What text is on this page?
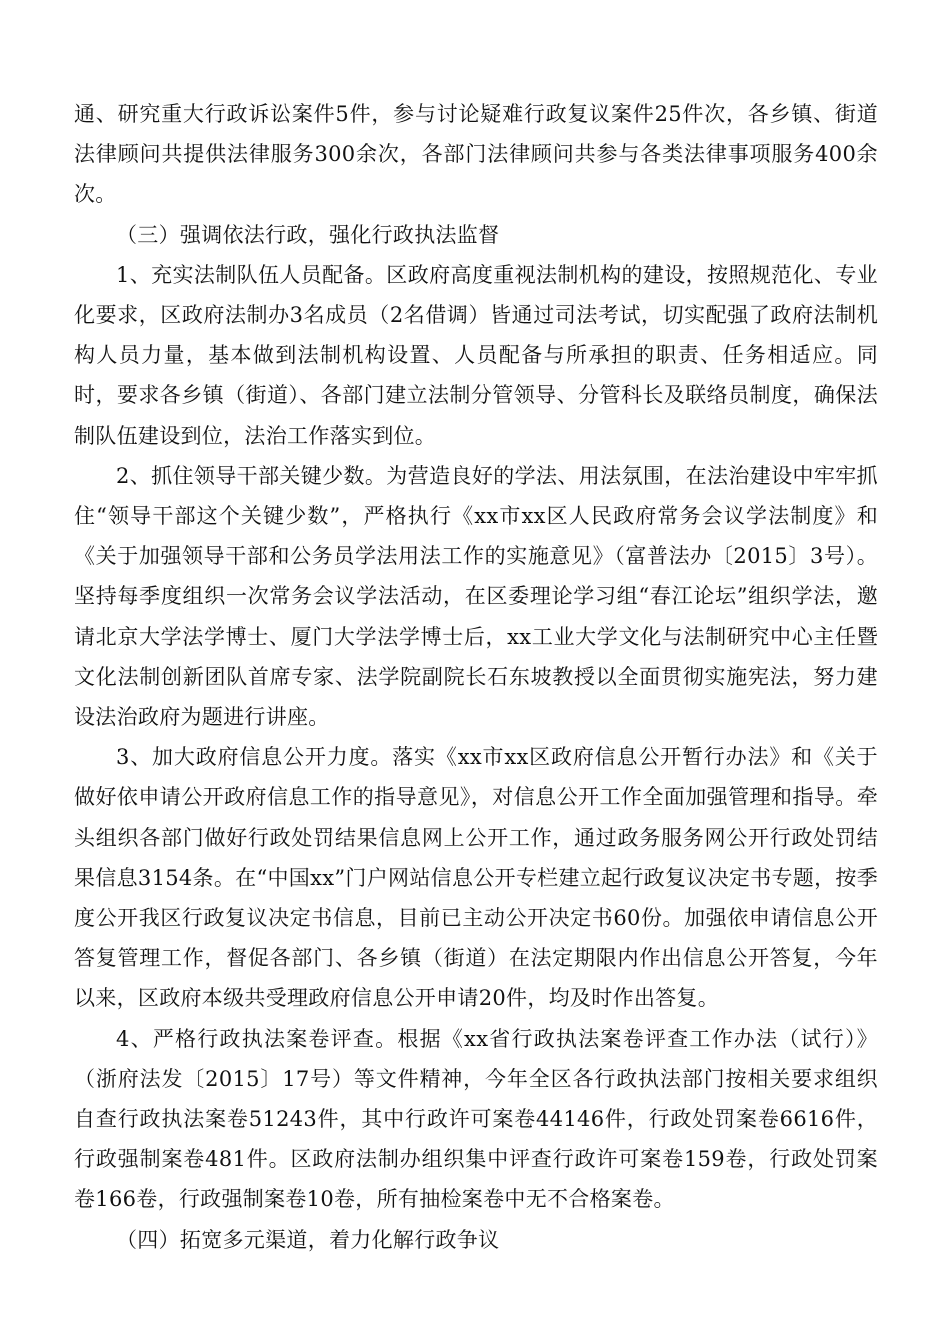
通、研究重大行政诉讼案件5件，参与讨论疑难行政复议案件25件次，各乡镇、街道法律顾问共提供法律服务300余次，各部门法律顾问共参与各类法律事项服务400余次。

（三）强调依法行政，强化行政执法监督

1、充实法制队伍人员配备。区政府高度重视法制机构的建设，按照规范化、专业化要求，区政府法制办3名成员（2名借调）皆通过司法考试，切实配强了政府法制机构人员力量，基本做到法制机构设置、人员配备与所承担的职责、任务相适应。同时，要求各乡镇（街道）、各部门建立法制分管领导、分管科长及联络员制度，确保法制队伍建设到位，法治工作落实到位。

2、抓住领导干部关键少数。为营造良好的学法、用法氛围，在法治建设中牢牢抓住“领导干部这个关键少数”，严格执行《xx市xx区人民政府常务会议学法制度》和《关于加强领导干部和公务员学法用法工作的实施意见》（富普法办〔2015〕3号）。坚持每季度组织一次常务会议学法活动，在区委理论学习组“春江论坛”组织学法，邀请北京大学法学博士、厦门大学法学博士后，xx工业大学文化与法制研究中心主任暨文化法制创新团队首席专家、法学院副院长石东坡教授以全面贯彻实施宪法，努力建设法治政府为题进行讲座。

3、加大政府信息公开力度。落实《xx市xx区政府信息公开暂行办法》和《关于做好依申请公开政府信息工作的指导意见》，对信息公开工作全面加强管理和指导。牵头组织各部门做好行政处罚结果信息网上公开工作，通过政务服务网公开行政处罚结果信息3154条。在“中国xx”门户网站信息公开专栏建立起行政复议决定书专题，按季度公开我区行政复议决定书信息，目前已主动公开决定书60份。加强依申请信息公开答复管理工作，督促各部门、各乡镇（街道）在法定期限内作出信息公开答复，今年以来，区政府本级共受理政府信息公开申请20件，均及时作出答复。

4、严格行政执法案卷评查。根据《xx省行政执法案卷评查工作办法（试行）》（浙府法发〔2015〕17号）等文件精神，今年全区各行政执法部门按相关要求组织自查行政执法案卷51243件，其中行政许可案卷44146件，行政处罚案卷6616件，行政强制案卷481件。区政府法制办组织集中评查行政许可案卷159卷，行政处罚案卷166卷，行政强制案卷10卷，所有抽检案卷中无不合格案卷。

（四）拓宽多元渠道，着力化解行政争议
